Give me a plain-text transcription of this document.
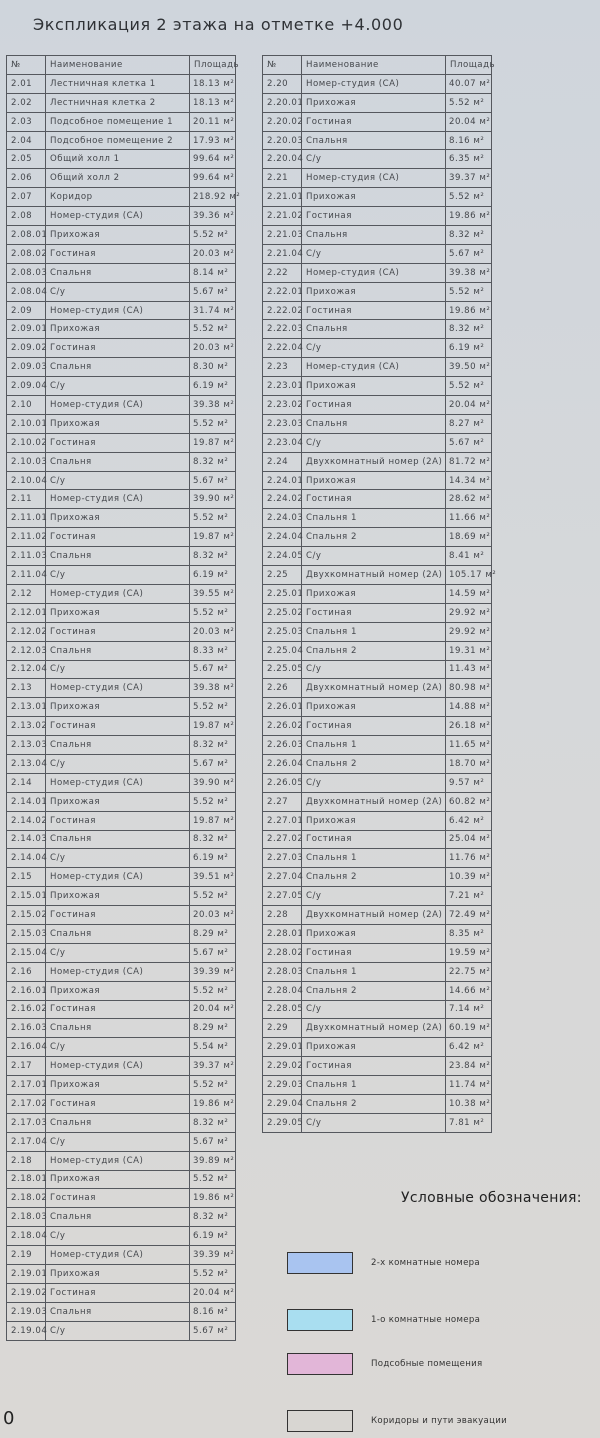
Экспликация 2 этажа на отметке +4.000
№	Наименование	Площадь
2.01	Лестничная клетка 1	18.13 м²
2.02	Лестничная клетка 2	18.13 м²
2.03	Подсобное помещение 1	20.11 м²
2.04	Подсобное помещение 2	17.93 м²
2.05	Общий холл 1	99.64 м²
2.06	Общий холл 2	99.64 м²
2.07	Коридор	218.92 м²
2.08	Номер-студия (СА)	39.36 м²
2.08.01	Прихожая	5.52 м²
2.08.02	Гостиная	20.03 м²
2.08.03	Спальня	8.14 м²
2.08.04	С/у	5.67 м²
2.09	Номер-студия (СА)	31.74 м²
2.09.01	Прихожая	5.52 м²
2.09.02	Гостиная	20.03 м²
2.09.03	Спальня	8.30 м²
2.09.04	С/у	6.19 м²
2.10	Номер-студия (СА)	39.38 м²
2.10.01	Прихожая	5.52 м²
2.10.02	Гостиная	19.87 м²
2.10.03	Спальня	8.32 м²
2.10.04	С/у	5.67 м²
2.11	Номер-студия (СА)	39.90 м²
2.11.01	Прихожая	5.52 м²
2.11.02	Гостиная	19.87 м²
2.11.03	Спальня	8.32 м²
2.11.04	С/у	6.19 м²
2.12	Номер-студия (СА)	39.55 м²
2.12.01	Прихожая	5.52 м²
2.12.02	Гостиная	20.03 м²
2.12.03	Спальня	8.33 м²
2.12.04	С/у	5.67 м²
2.13	Номер-студия (СА)	39.38 м²
2.13.01	Прихожая	5.52 м²
2.13.02	Гостиная	19.87 м²
2.13.03	Спальня	8.32 м²
2.13.04	С/у	5.67 м²
2.14	Номер-студия (СА)	39.90 м²
2.14.01	Прихожая	5.52 м²
2.14.02	Гостиная	19.87 м²
2.14.03	Спальня	8.32 м²
2.14.04	С/у	6.19 м²
2.15	Номер-студия (СА)	39.51 м²
2.15.01	Прихожая	5.52 м²
2.15.02	Гостиная	20.03 м²
2.15.03	Спальня	8.29 м²
2.15.04	С/у	5.67 м²
2.16	Номер-студия (СА)	39.39 м²
2.16.01	Прихожая	5.52 м²
2.16.02	Гостиная	20.04 м²
2.16.03	Спальня	8.29 м²
2.16.04	С/у	5.54 м²
2.17	Номер-студия (СА)	39.37 м²
2.17.01	Прихожая	5.52 м²
2.17.02	Гостиная	19.86 м²
2.17.03	Спальня	8.32 м²
2.17.04	С/у	5.67 м²
2.18	Номер-студия (СА)	39.89 м²
2.18.01	Прихожая	5.52 м²
2.18.02	Гостиная	19.86 м²
2.18.03	Спальня	8.32 м²
2.18.04	С/у	6.19 м²
2.19	Номер-студия (СА)	39.39 м²
2.19.01	Прихожая	5.52 м²
2.19.02	Гостиная	20.04 м²
2.19.03	Спальня	8.16 м²
2.19.04	С/у	5.67 м²
№	Наименование	Площадь
2.20	Номер-студия (СА)	40.07 м²
2.20.01	Прихожая	5.52 м²
2.20.02	Гостиная	20.04 м²
2.20.03	Спальня	8.16 м²
2.20.04	С/у	6.35 м²
2.21	Номер-студия (СА)	39.37 м²
2.21.01	Прихожая	5.52 м²
2.21.02	Гостиная	19.86 м²
2.21.03	Спальня	8.32 м²
2.21.04	С/у	5.67 м²
2.22	Номер-студия (СА)	39.38 м²
2.22.01	Прихожая	5.52 м²
2.22.02	Гостиная	19.86 м²
2.22.03	Спальня	8.32 м²
2.22.04	С/у	6.19 м²
2.23	Номер-студия (СА)	39.50 м²
2.23.01	Прихожая	5.52 м²
2.23.02	Гостиная	20.04 м²
2.23.03	Спальня	8.27 м²
2.23.04	С/у	5.67 м²
2.24	Двухкомнатный номер (2А)	81.72 м²
2.24.01	Прихожая	14.34 м²
2.24.02	Гостиная	28.62 м²
2.24.03	Спальня 1	11.66 м²
2.24.04	Спальня 2	18.69 м²
2.24.05	С/у	8.41 м²
2.25	Двухкомнатный номер (2А)	105.17 м²
2.25.01	Прихожая	14.59 м²
2.25.02	Гостиная	29.92 м²
2.25.03	Спальня 1	29.92 м²
2.25.04	Спальня 2	19.31 м²
2.25.05	С/у	11.43 м²
2.26	Двухкомнатный номер (2А)	80.98 м²
2.26.01	Прихожая	14.88 м²
2.26.02	Гостиная	26.18 м²
2.26.03	Спальня 1	11.65 м²
2.26.04	Спальня 2	18.70 м²
2.26.05	С/у	9.57 м²
2.27	Двухкомнатный номер (2А)	60.82 м²
2.27.01	Прихожая	6.42 м²
2.27.02	Гостиная	25.04 м²
2.27.03	Спальня 1	11.76 м²
2.27.04	Спальня 2	10.39 м²
2.27.05	С/у	7.21 м²
2.28	Двухкомнатный номер (2А)	72.49 м²
2.28.01	Прихожая	8.35 м²
2.28.02	Гостиная	19.59 м²
2.28.03	Спальня 1	22.75 м²
2.28.04	Спальня 2	14.66 м²
2.28.05	С/у	7.14 м²
2.29	Двухкомнатный номер (2А)	60.19 м²
2.29.01	Прихожая	6.42 м²
2.29.02	Гостиная	23.84 м²
2.29.03	Спальня 1	11.74 м²
2.29.04	Спальня 2	10.38 м²
2.29.05	С/у	7.81 м²
Условные обозначения:
2-х комнатные номера
1-о комнатные номера
Подсобные помещения
Коридоры и пути эвакуации
0
